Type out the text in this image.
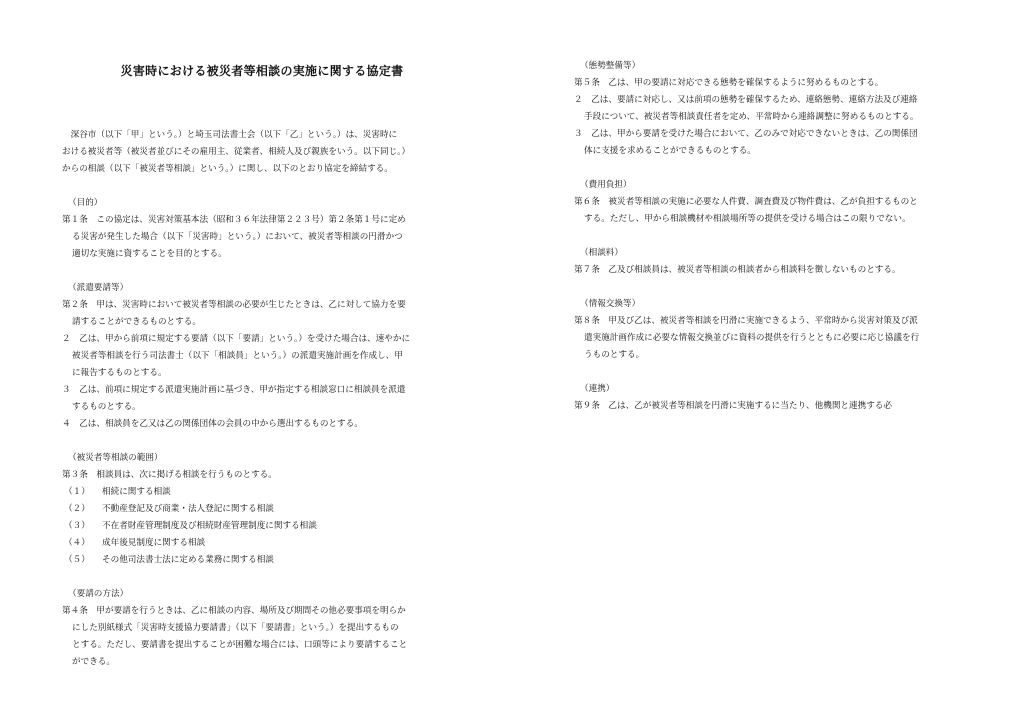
災害時における被災者等相談の実施に関する協定書
　深谷市（以下「甲」という。）と埼玉司法書士会（以下「乙」という。）は、災害時に
おける被災者等（被災者並びにその雇用主、従業者、相続人及び親族をいう。以下同じ。）
からの相談（以下「被災者等相談」という。）に関し、以下のとおり協定を締結する。
（目的）
第１条　この協定は、災害対策基本法（昭和３６年法律第２２３号）第２条第１号に定め
る災害が発生した場合（以下「災害時」という。）において、被災者等相談の円滑かつ
適切な実施に資することを目的とする。
（派遣要請等）
第２条　甲は、災害時において被災者等相談の必要が生じたときは、乙に対して協力を要
請することができるものとする。
２　乙は、甲から前項に規定する要請（以下「要請」という。）を受けた場合は、速やかに
被災者等相談を行う司法書士（以下「相談員」という。）の派遣実施計画を作成し、甲
に報告するものとする。
３　乙は、前項に規定する派遣実施計画に基づき、甲が指定する相談窓口に相談員を派遣
するものとする。
４　乙は、相談員を乙又は乙の関係団体の会員の中から選出するものとする。
（被災者等相談の範囲）
第３条　相談員は、次に掲げる相談を行うものとする。
（１） 相続に関する相談
（２） 不動産登記及び商業・法人登記に関する相談
（３） 不在者財産管理制度及び相続財産管理制度に関する相談
（４） 成年後見制度に関する相談
（５） その他司法書士法に定める業務に関する相談
（要請の方法）
第４条　甲が要請を行うときは、乙に相談の内容、場所及び期間その他必要事項を明らか
にした別紙様式「災害時支援協力要請書」（以下「要請書」という。）を提出するもの
とする。ただし、要請書を提出することが困難な場合には、口頭等により要請すること
ができる。
（態勢整備等）
第５条　乙は、甲の要請に対応できる態勢を確保するように努めるものとする。
２　乙は、要請に対応し、又は前項の態勢を確保するため、連絡態勢、連絡方法及び連絡
手段について、被災者等相談責任者を定め、平常時から連絡調整に努めるものとする。
３　乙は、甲から要請を受けた場合において、乙のみで対応できないときは、乙の関係団
体に支援を求めることができるものとする。
（費用負担）
第６条　被災者等相談の実施に必要な人件費、調査費及び物件費は、乙が負担するものと
する。ただし、甲から相談機材や相談場所等の提供を受ける場合はこの限りでない。
（相談料）
第７条　乙及び相談員は、被災者等相談の相談者から相談料を徴しないものとする。
（情報交換等）
第８条　甲及び乙は、被災者等相談を円滑に実施できるよう、平常時から災害対策及び派
遣実施計画作成に必要な情報交換並びに資料の提供を行うとともに必要に応じ協議を行
うものとする。
（連携）
第９条　乙は、乙が被災者等相談を円滑に実施するに当たり、他機関と連携する必
